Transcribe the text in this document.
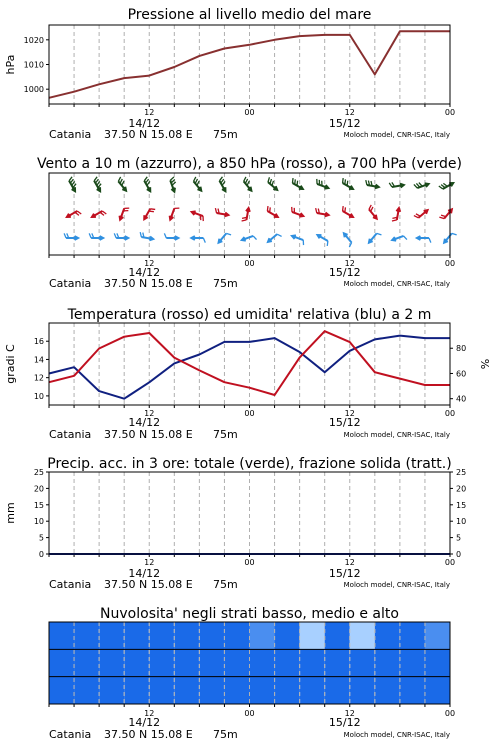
Pressione al livello medio del mare
12	00	12	00
14/12	15/12
Catania 37.50 N 15.08 E 75m	Moloch model, CNR-ISAC, Italy
1000
1010
1020
hPa
Vento a 10 m (azzurro), a 850 hPa (rosso), a 700 hPa (verde)
12	00	12	00
14/12	15/12
Catania 37.50 N 15.08 E 75m	Moloch model, CNR-ISAC, Italy
Temperatura (rosso) ed umidita' relativa (blu) a 2 m
12	00	12	00
14/12	15/12
Catania 37.50 N 15.08 E 75m	Moloch model, CNR-ISAC, Italy
10
12
14
16
gradi C
40
60
80
%
Precip. acc. in 3 ore: totale (verde), frazione solida (tratt.)
12	00	12	00
14/12	15/12
Catania 37.50 N 15.08 E 75m	Moloch model, CNR-ISAC, Italy
0
5
10
15
20
25
mm
0
5
10
15
20
25
Nuvolosita' negli strati basso, medio e alto
12	00	12	00
14/12	15/12
Catania 37.50 N 15.08 E 75m	Moloch model, CNR-ISAC, Italy
